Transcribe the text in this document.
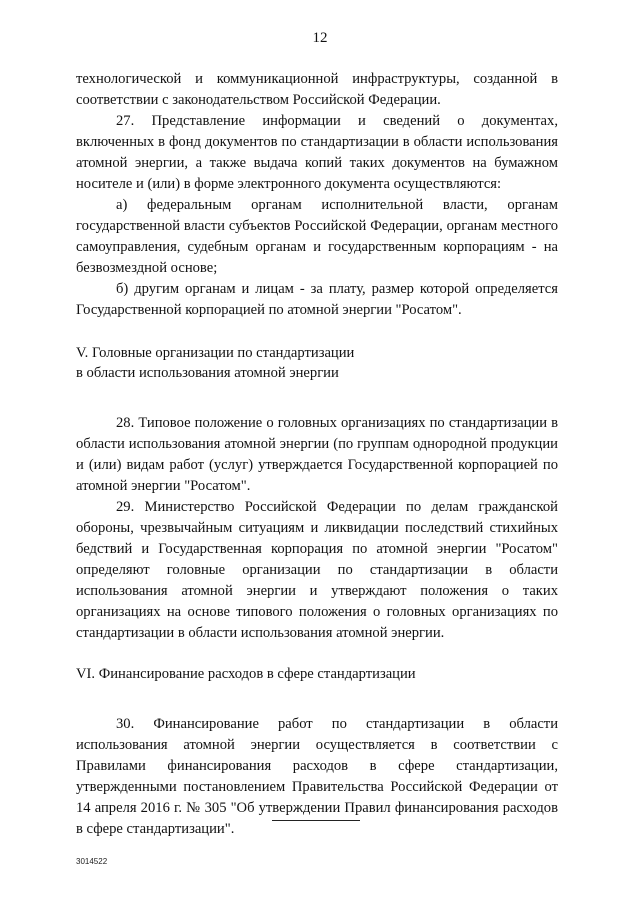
12

технологической и коммуникационной инфраструктуры, созданной в соответствии с законодательством Российской Федерации.

27. Представление информации и сведений о документах, включенных в фонд документов по стандартизации в области использования атомной энергии, а также выдача копий таких документов на бумажном носителе и (или) в форме электронного документа осуществляются:

а) федеральным органам исполнительной власти, органам государственной власти субъектов Российской Федерации, органам местного самоуправления, судебным органам и государственным корпорациям - на безвозмездной основе;

б) другим органам и лицам - за плату, размер которой определяется Государственной корпорацией по атомной энергии "Росатом".

V. Головные организации по стандартизации

в области использования атомной энергии

28. Типовое положение о головных организациях по стандартизации в области использования атомной энергии (по группам однородной продукции и (или) видам работ (услуг) утверждается Государственной корпорацией по атомной энергии "Росатом".

29. Министерство Российской Федерации по делам гражданской обороны, чрезвычайным ситуациям и ликвидации последствий стихийных бедствий и Государственная корпорация по атомной энергии "Росатом" определяют головные организации по стандартизации в области использования атомной энергии и утверждают положения о таких организациях на основе типового положения о головных организациях по стандартизации в области использования атомной энергии.

VI. Финансирование расходов в сфере стандартизации

30. Финансирование работ по стандартизации в области использования атомной энергии осуществляется в соответствии с Правилами финансирования расходов в сфере стандартизации, утвержденными постановлением Правительства Российской Федерации от 14 апреля 2016 г. № 305 "Об утверждении Правил финансирования расходов в сфере стандартизации".

3014522
